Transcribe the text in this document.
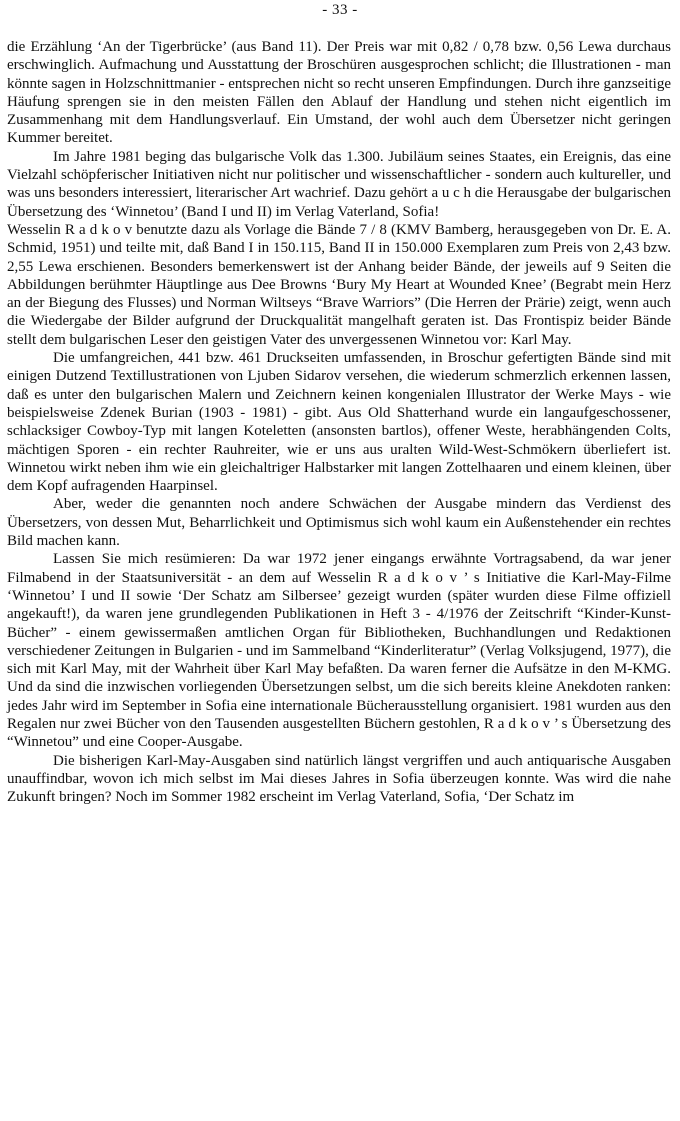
- 33 -

die Erzählung ‘An der Tigerbrücke’ (aus Band 11). Der Preis war mit 0,82 / 0,78 bzw. 0,56 Lewa durchaus erschwinglich. Aufmachung und Ausstattung der Broschüren ausgesprochen schlicht; die Illustrationen - man könnte sagen in Holzschnittmanier - entsprechen nicht so recht unseren Empfindungen. Durch ihre ganzseitige Häufung sprengen sie in den meisten Fällen den Ablauf der Handlung und stehen nicht eigentlich im Zusammenhang mit dem Handlungsverlauf. Ein Umstand, der wohl auch dem Übersetzer nicht geringen Kummer bereitet.

Im Jahre 1981 beging das bulgarische Volk das 1.300. Jubiläum seines Staates, ein Ereignis, das eine Vielzahl schöpferischer Initiativen nicht nur politischer und wissenschaftlicher - sondern auch kultureller, und was uns besonders interessiert, literarischer Art wachrief. Dazu gehört a u c h die Herausgabe der bulgarischen Übersetzung des ‘Winnetou’ (Band I und II) im Verlag Vaterland, Sofia!

Wesselin R a d k o v benutzte dazu als Vorlage die Bände 7 / 8 (KMV Bamberg, herausgegeben von Dr. E. A. Schmid, 1951) und teilte mit, daß Band I in 150.115, Band II in 150.000 Exemplaren zum Preis von 2,43 bzw. 2,55 Lewa erschienen. Besonders bemerkenswert ist der Anhang beider Bände, der jeweils auf 9 Seiten die Abbildungen berühmter Häuptlinge aus Dee Browns ‘Bury My Heart at Wounded Knee’ (Begrabt mein Herz an der Biegung des Flusses) und Norman Wiltseys “Brave Warriors” (Die Herren der Prärie) zeigt, wenn auch die Wiedergabe der Bilder aufgrund der Druckqualität mangelhaft geraten ist. Das Frontispiz beider Bände stellt dem bulgarischen Leser den geistigen Vater des unvergessenen Winnetou vor: Karl May.

Die umfangreichen, 441 bzw. 461 Druckseiten umfassenden, in Broschur gefertigten Bände sind mit einigen Dutzend Textillustrationen von Ljuben Sidarov versehen, die wiederum schmerzlich erkennen lassen, daß es unter den bulgarischen Malern und Zeichnern keinen kongenialen Illustrator der Werke Mays - wie beispielsweise Zdenek Burian (1903 - 1981) - gibt. Aus Old Shatterhand wurde ein langaufgeschossener, schlacksiger Cowboy-Typ mit langen Koteletten (ansonsten bartlos), offener Weste, herabhängenden Colts, mächtigen Sporen - ein rechter Rauhreiter, wie er uns aus uralten Wild-West-Schmökern überliefert ist. Winnetou wirkt neben ihm wie ein gleichaltriger Halbstarker mit langen Zottelhaaren und einem kleinen, über dem Kopf aufragenden Haarpinsel.

Aber, weder die genannten noch andere Schwächen der Ausgabe mindern das Verdienst des Übersetzers, von dessen Mut, Beharrlichkeit und Optimismus sich wohl kaum ein Außenstehender ein rechtes Bild machen kann.

Lassen Sie mich resümieren: Da war 1972 jener eingangs erwähnte Vortragsabend, da war jener Filmabend in der Staatsuniversität - an dem auf Wesselin R a d k o v ’ s Initiative die Karl-May-Filme ‘Winnetou’ I und II sowie ‘Der Schatz am Silbersee’ gezeigt wurden (später wurden diese Filme offiziell angekauft!), da waren jene grundlegenden Publikationen in Heft 3 - 4/1976 der Zeitschrift “Kinder-Kunst-Bücher” - einem gewissermaßen amtlichen Organ für Bibliotheken, Buchhandlungen und Redaktionen verschiedener Zeitungen in Bulgarien - und im Sammelband “Kinderliteratur” (Verlag Volksjugend, 1977), die sich mit Karl May, mit der Wahrheit über Karl May befaßten. Da waren ferner die Aufsätze in den M-KMG. Und da sind die inzwischen vorliegenden Übersetzungen selbst, um die sich bereits kleine Anekdoten ranken: jedes Jahr wird im September in Sofia eine internationale Bücherausstellung organisiert. 1981 wurden aus den Regalen nur zwei Bücher von den Tausenden ausgestellten Büchern gestohlen, R a d k o v ’ s Übersetzung des “Winnetou” und eine Cooper-Ausgabe.

Die bisherigen Karl-May-Ausgaben sind natürlich längst vergriffen und auch antiquarische Ausgaben unauffindbar, wovon ich mich selbst im Mai dieses Jahres in Sofia überzeugen konnte. Was wird die nahe Zukunft bringen? Noch im Sommer 1982 erscheint im Verlag Vaterland, Sofia, ‘Der Schatz im
